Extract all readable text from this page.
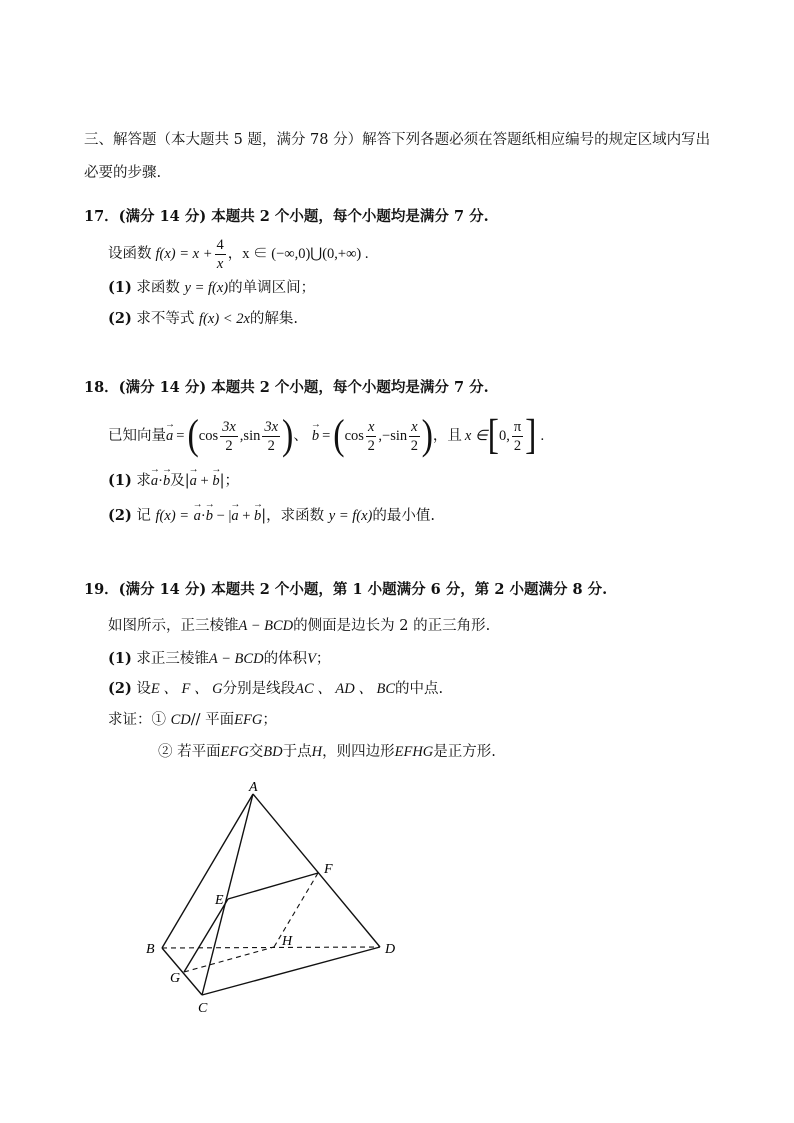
三、解答题（本大题共 5 题，满分 78 分）解答下列各题必须在答题纸相应编号的规定区域内写出
必要的步骤.
17．(满分 14 分) 本题共 2 个小题，每个小题均是满分 7 分.
设函数 $f(x) = x + \frac{4}{x}$ ，x ∈ (−∞,0)⋃(0,+∞) .
(1) 求函数 y = f(x)的单调区间；
(2) 求不等式 f(x) < 2x的解集.
18．(满分 14 分) 本题共 2 个小题，每个小题均是满分 7 分.
已知向量 → a = ( $\cos \frac{3x}{2}$ , $\sin \frac{3x}{2}$ ) 、 → b = ( $\cos \frac{x}{2} ,-\sin \frac{x}{2}$ ) ，且 x ∈ [ 0, $\frac{\pi}{2}$ ] .
(1) 求→ a·→ b及|→ a + → b|；
(2) 记 f(x) = → a·→ b − |→ a + → b|，求函数 y = f(x)的最小值.
19．(满分 14 分) 本题共 2 个小题，第 1 小题满分 6 分，第 2 小题满分 8 分.
如图所示，正三棱锥A − BCD的侧面是边长为 2 的正三角形.
(1) 求正三棱锥A − BCD的体积V；
(2) 设E 、 F 、 G分别是线段AC 、 AD 、 BC的中点.
求证：① CD// 平面EFG；
② 若平面EFG交BD于点H，则四边形EFHG是正方形.
A
B
C
D
E
F
G
H
